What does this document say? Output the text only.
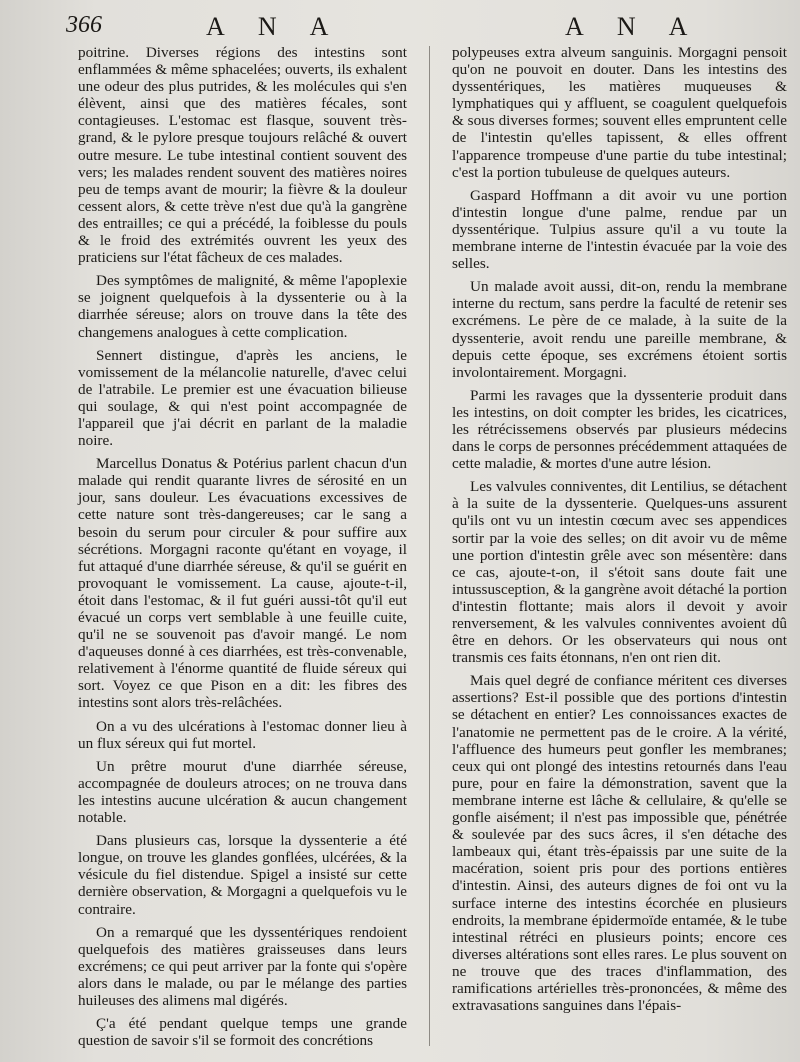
366	A N A	A N A

poitrine. Diverses régions des intestins sont enflammées & même sphacelées; ouverts, ils exhalent une odeur des plus putrides, & les molécules qui s'en élèvent, ainsi que des matières fécales, sont contagieuses. L'estomac est flasque, souvent très-grand, & le pylore presque toujours relâché & ouvert outre mesure. Le tube intestinal contient souvent des vers; les malades rendent souvent des matières noires peu de temps avant de mourir; la fièvre & la douleur cessent alors, & cette trève n'est due qu'à la gangrène des entrailles; ce qui a précédé, la foiblesse du pouls & le froid des extrémités ouvrent les yeux des praticiens sur l'état fâcheux de ces malades.

Des symptômes de malignité, & même l'apoplexie se joignent quelquefois à la dyssenterie ou à la diarrhée séreuse; alors on trouve dans la tête des changemens analogues à cette complication.

Sennert distingue, d'après les anciens, le vomissement de la mélancolie naturelle, d'avec celui de l'atrabile. Le premier est une évacuation bilieuse qui soulage, & qui n'est point accompagnée de l'appareil que j'ai décrit en parlant de la maladie noire.

Marcellus Donatus & Potérius parlent chacun d'un malade qui rendit quarante livres de sérosité en un jour, sans douleur. Les évacuations excessives de cette nature sont très-dangereuses; car le sang a besoin du serum pour circuler & pour suffire aux sécrétions. Morgagni raconte qu'étant en voyage, il fut attaqué d'une diarrhée séreuse, & qu'il se guérit en provoquant le vomissement. La cause, ajoute-t-il, étoit dans l'estomac, & il fut guéri aussi-tôt qu'il eut évacué un corps vert semblable à une feuille cuite, qu'il ne se souvenoit pas d'avoir mangé. Le nom d'aqueuses donné à ces diarrhées, est très-convenable, relativement à l'énorme quantité de fluide séreux qui sort. Voyez ce que Pison en a dit: les fibres des intestins sont alors très-relâchées.

On a vu des ulcérations à l'estomac donner lieu à un flux séreux qui fut mortel.

Un prêtre mourut d'une diarrhée séreuse, accompagnée de douleurs atroces; on ne trouva dans les intestins aucune ulcération & aucun changement notable.

Dans plusieurs cas, lorsque la dyssenterie a été longue, on trouve les glandes gonflées, ulcérées, & la vésicule du fiel distendue. Spigel a insisté sur cette dernière observation, & Morgagni a quelquefois vu le contraire.

On a remarqué que les dyssentériques rendoient quelquefois des matières graisseuses dans leurs excrémens; ce qui peut arriver par la fonte qui s'opère alors dans le malade, ou par le mélange des parties huileuses des alimens mal digérés.

Ç'a été pendant quelque temps une grande question de savoir s'il se formoit des concrétions

polypeuses extra alveum sanguinis. Morgagni pensoit qu'on ne pouvoit en douter. Dans les intestins des dyssentériques, les matières muqueuses & lymphatiques qui y affluent, se coagulent quelquefois & sous diverses formes; souvent elles empruntent celle de l'intestin qu'elles tapissent, & elles offrent l'apparence trompeuse d'une partie du tube intestinal; c'est la portion tubuleuse de quelques auteurs.

Gaspard Hoffmann a dit avoir vu une portion d'intestin longue d'une palme, rendue par un dyssentérique. Tulpius assure qu'il a vu toute la membrane interne de l'intestin évacuée par la voie des selles.

Un malade avoit aussi, dit-on, rendu la membrane interne du rectum, sans perdre la faculté de retenir ses excrémens. Le père de ce malade, à la suite de la dyssenterie, avoit rendu une pareille membrane, & depuis cette époque, ses excrémens étoient sortis involontairement. Morgagni.

Parmi les ravages que la dyssenterie produit dans les intestins, on doit compter les brides, les cicatrices, les rétrécissemens observés par plusieurs médecins dans le corps de personnes précédemment attaquées de cette maladie, & mortes d'une autre lésion.

Les valvules conniventes, dit Lentilius, se détachent à la suite de la dyssenterie. Quelques-uns assurent qu'ils ont vu un intestin cœcum avec ses appendices sortir par la voie des selles; on dit avoir vu de même une portion d'intestin grêle avec son mésentère: dans ce cas, ajoute-t-on, il s'étoit sans doute fait une intussusception, & la gangrène avoit détaché la portion d'intestin flottante; mais alors il devoit y avoir renversement, & les valvules conniventes avoient dû être en dehors. Or les observateurs qui nous ont transmis ces faits étonnans, n'en ont rien dit.

Mais quel degré de confiance méritent ces diverses assertions? Est-il possible que des portions d'intestin se détachent en entier? Les connoissances exactes de l'anatomie ne permettent pas de le croire. A la vérité, l'affluence des humeurs peut gonfler les membranes; ceux qui ont plongé des intestins retournés dans l'eau pure, pour en faire la démonstration, savent que la membrane interne est lâche & cellulaire, & qu'elle se gonfle aisément; il n'est pas impossible que, pénétrée & soulevée par des sucs âcres, il s'en détache des lambeaux qui, étant très-épaissis par une suite de la macération, soient pris pour des portions entières d'intestin. Ainsi, des auteurs dignes de foi ont vu la surface interne des intestins écorchée en plusieurs endroits, la membrane épidermoïde entamée, & le tube intestinal rétréci en plusieurs points; encore ces diverses altérations sont elles rares. Le plus souvent on ne trouve que des traces d'inflammation, des ramifications artérielles très-prononcées, & même des extravasations sanguines dans l'épais-
